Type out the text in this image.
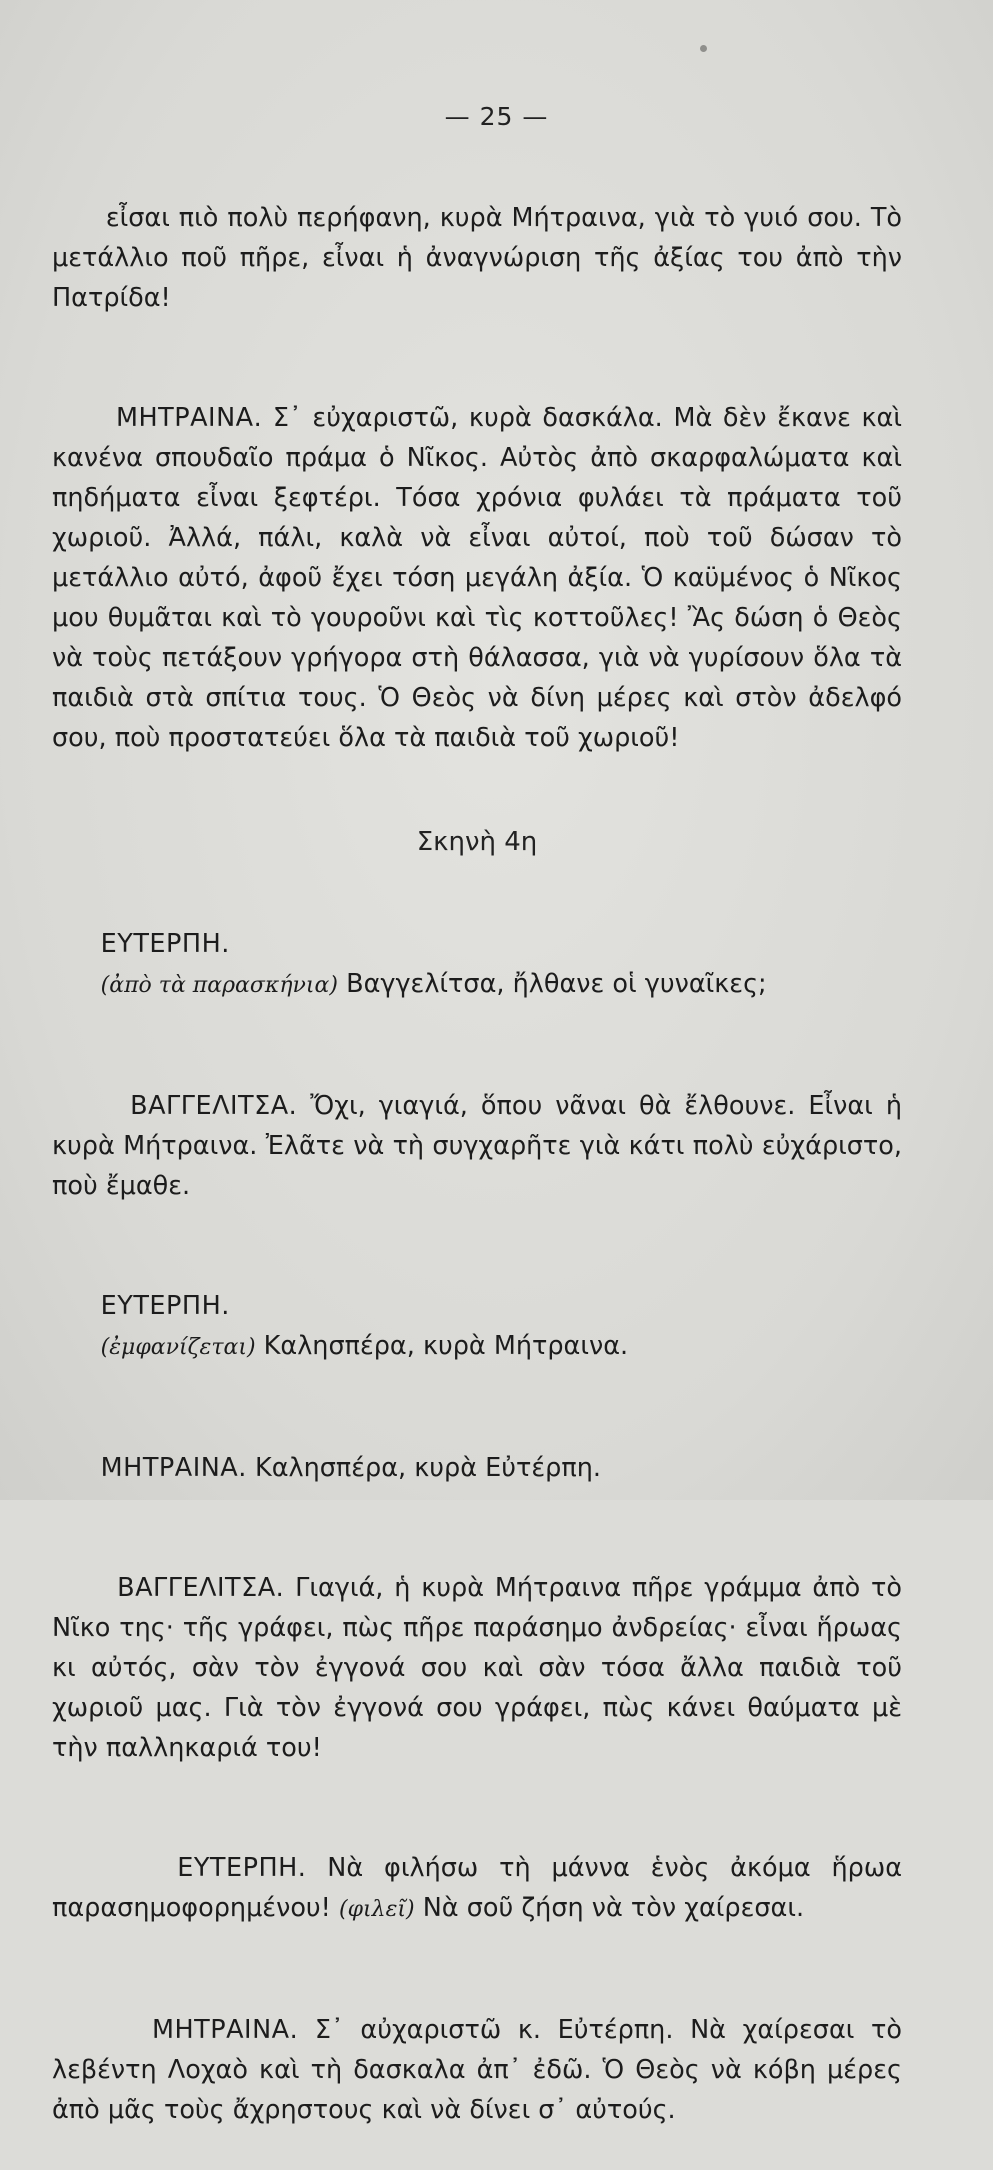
— 25 —

εἶσαι πιὸ πολὺ περήφανη, κυρὰ Μήτραινα, γιὰ τὸ γυιό σου. Τὸ μετάλλιο ποῦ πῆρε, εἶναι ἡ ἀναγνώριση τῆς ἀξίας του ἀπὸ τὴν Πατρίδα!

ΜΗΤΡΑΙΝΑ. Σ᾽ εὐχαριστῶ, κυρὰ δασκάλα. Μὰ δὲν ἔκανε καὶ κανένα σπουδαῖο πράμα ὁ Νῖκος. Αὐτὸς ἀπὸ σκαρφαλώματα καὶ πηδήματα εἶναι ξεφτέρι. Τόσα χρόνια φυλάει τὰ πράματα τοῦ χωριοῦ. Ἀλλά, πάλι, καλὰ νὰ εἶναι αὐτοί, ποὺ τοῦ δώσαν τὸ μετάλλιο αὐτό, ἀφοῦ ἔχει τόση μεγάλη ἀξία. Ὁ καϋμένος ὁ Νῖκος μου θυμᾶται καὶ τὸ γουροῦνι καὶ τὶς κοττοῦλες! Ἂς δώση ὁ Θεὸς νὰ τοὺς πετάξουν γρήγορα στὴ θάλασσα, γιὰ νὰ γυρίσουν ὅλα τὰ παιδιὰ στὰ σπίτια τους. Ὁ Θεὸς νὰ δίνη μέρες καὶ στὸν ἀδελφό σου, ποὺ προστατεύει ὅλα τὰ παιδιὰ τοῦ χωριοῦ!

Σκηνὴ 4η

ΕΥΤΕΡΠΗ.
(ἀπὸ τὰ παρασκήνια) Βαγγελίτσα, ἤλθανε οἱ γυναῖκες;

ΒΑΓΓΕΛΙΤΣΑ. Ὄχι, γιαγιά, ὅπου νᾶναι θὰ ἔλθουνε. Εἶναι ἡ κυρὰ Μήτραινα. Ἐλᾶτε νὰ τὴ συγχαρῆτε γιὰ κάτι πολὺ εὐχάριστο, ποὺ ἔμαθε.

ΕΥΤΕΡΠΗ.
(ἐμφανίζεται) Καλησπέρα, κυρὰ Μήτραινα.

ΜΗΤΡΑΙΝΑ. Καλησπέρα, κυρὰ Εὐτέρπη.

ΒΑΓΓΕΛΙΤΣΑ. Γιαγιά, ἡ κυρὰ Μήτραινα πῆρε γράμμα ἀπὸ τὸ Νῖκο της· τῆς γράφει, πὼς πῆρε παράσημο ἀνδρείας· εἶναι ἥρωας κι αὐτός, σὰν τὸν ἐγγονά σου καὶ σὰν τόσα ἄλλα παιδιὰ τοῦ χωριοῦ μας. Γιὰ τὸν ἐγγονά σου γράφει, πὼς κάνει θαύματα μὲ τὴν παλληκαριά του!

ΕΥΤΕΡΠΗ. Νὰ φιλήσω τὴ μάννα ἑνὸς ἀκόμα ἥρωα παρασημοφορημένου! (φιλεῖ) Νὰ σοῦ ζήση νὰ τὸν χαίρεσαι.

ΜΗΤΡΑΙΝΑ. Σ᾽ αὐχαριστῶ κ. Εὐτέρπη. Νὰ χαίρεσαι τὸ λεβέντη Λοχαὸ καὶ τὴ δασκαλα ἀπ᾽ ἐδῶ. Ὁ Θεὸς νὰ κόβη μέρες ἀπὸ μᾶς τοὺς ἄχρηστους καὶ νὰ δίνει σ᾽ αὐτούς.
